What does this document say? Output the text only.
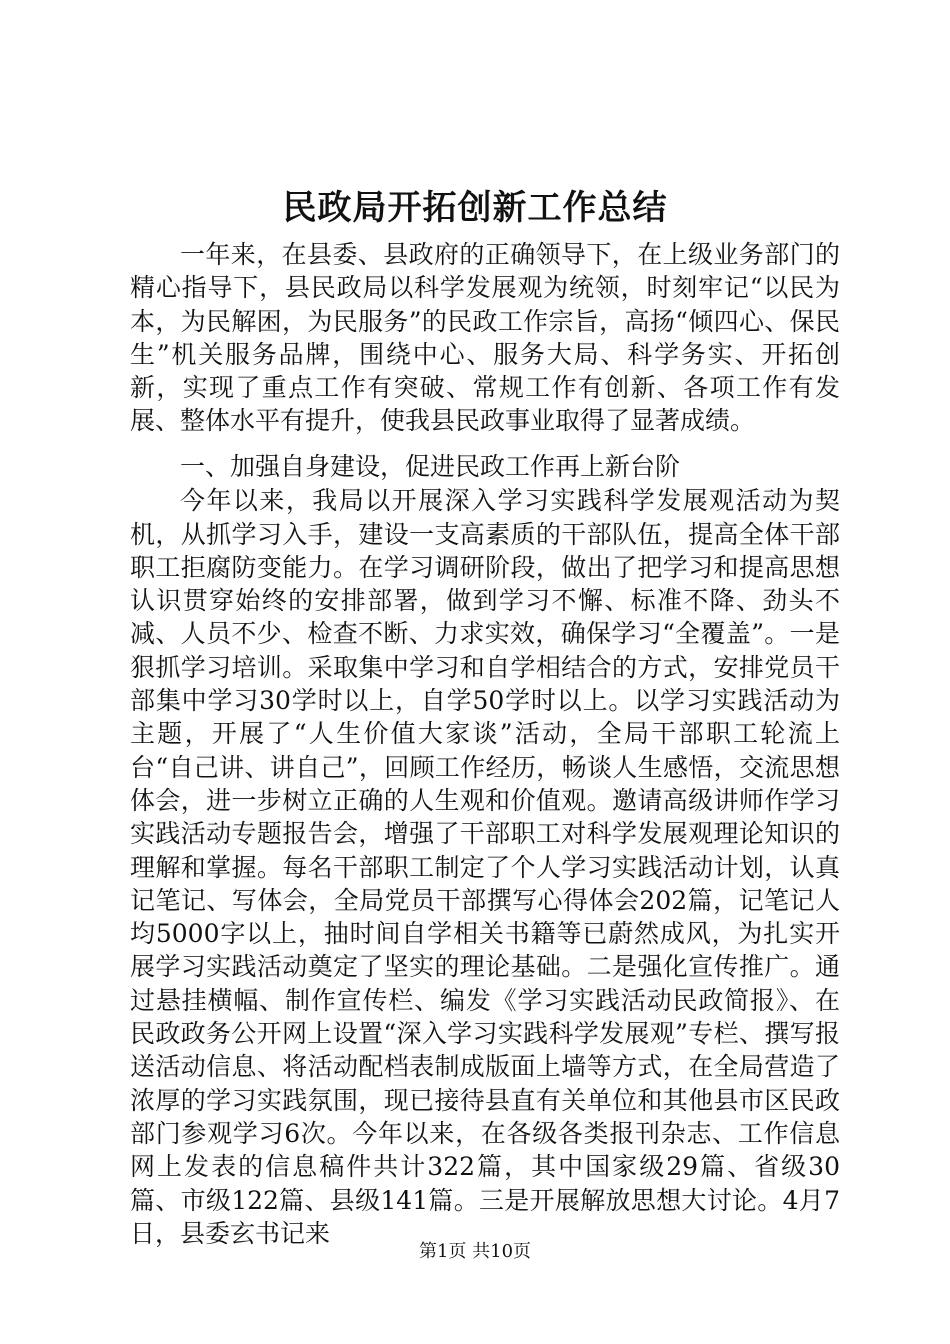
民政局开拓创新工作总结

一年来，在县委、县政府的正确领导下，在上级业务部门的精心指导下，县民政局以科学发展观为统领，时刻牢记“以民为本，为民解困，为民服务”的民政工作宗旨，高扬“倾四心、保民生”机关服务品牌，围绕中心、服务大局、科学务实、开拓创新，实现了重点工作有突破、常规工作有创新、各项工作有发展、整体水平有提升，使我县民政事业取得了显著成绩。

一、加强自身建设，促进民政工作再上新台阶

今年以来，我局以开展深入学习实践科学发展观活动为契机，从抓学习入手，建设一支高素质的干部队伍，提高全体干部职工拒腐防变能力。在学习调研阶段，做出了把学习和提高思想认识贯穿始终的安排部署，做到学习不懈、标准不降、劲头不减、人员不少、检查不断、力求实效，确保学习“全覆盖”。一是狠抓学习培训。采取集中学习和自学相结合的方式，安排党员干部集中学习30学时以上，自学50学时以上。以学习实践活动为主题，开展了“人生价值大家谈”活动，全局干部职工轮流上台“自己讲、讲自己”，回顾工作经历，畅谈人生感悟，交流思想体会，进一步树立正确的人生观和价值观。邀请高级讲师作学习实践活动专题报告会，增强了干部职工对科学发展观理论知识的理解和掌握。每名干部职工制定了个人学习实践活动计划，认真记笔记、写体会，全局党员干部撰写心得体会202篇，记笔记人均5000字以上，抽时间自学相关书籍等已蔚然成风，为扎实开展学习实践活动奠定了坚实的理论基础。二是强化宣传推广。通过悬挂横幅、制作宣传栏、编发《学习实践活动民政简报》、在民政政务公开网上设置“深入学习实践科学发展观”专栏、撰写报送活动信息、将活动配档表制成版面上墙等方式，在全局营造了浓厚的学习实践氛围，现已接待县直有关单位和其他县市区民政部门参观学习6次。今年以来，在各级各类报刊杂志、工作信息网上发表的信息稿件共计322篇，其中国家级29篇、省级30篇、市级122篇、县级141篇。三是开展解放思想大讨论。4月7日，县委玄书记来

第1页 共10页
